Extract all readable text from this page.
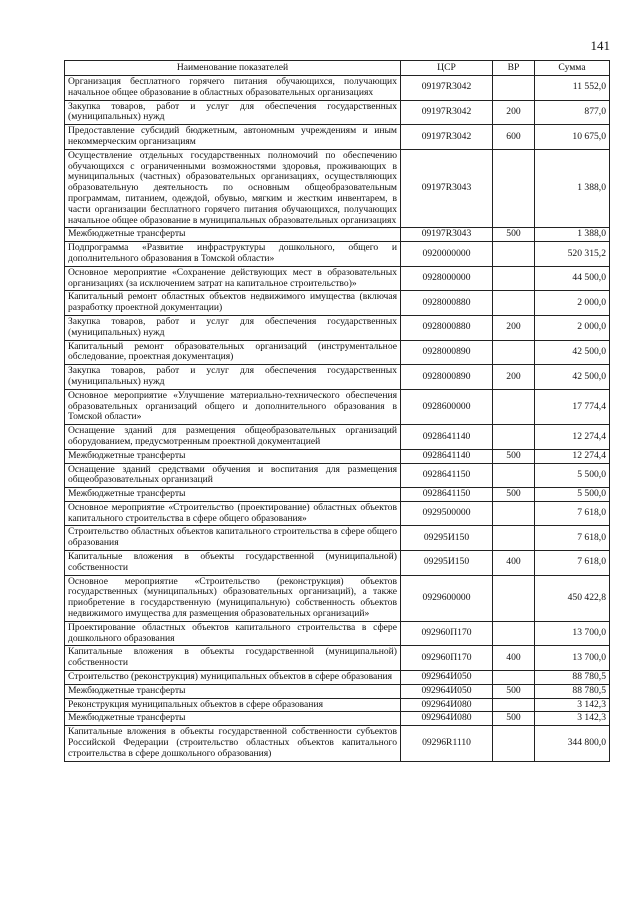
141
Наименование показателей	ЦСР	ВР	Сумма
Организация бесплатного горячего питания обучающихся, получающих начальное общее образование в областных образовательных организациях	09197R3042		11 552,0
Закупка товаров, работ и услуг для обеспечения государственных (муниципальных) нужд	09197R3042	200	877,0
Предоставление субсидий бюджетным, автономным учреждениям и иным некоммерческим организациям	09197R3042	600	10 675,0
Осуществление отдельных государственных полномочий по обеспечению обучающихся с ограниченными возможностями здоровья, проживающих в муниципальных (частных) образовательных организациях, осуществляющих образовательную деятельность по основным общеобразовательным программам, питанием, одеждой, обувью, мягким и жестким инвентарем, в части организации бесплатного горячего питания обучающихся, получающих начальное общее образование в муниципальных образовательных организациях	09197R3043		1 388,0
Межбюджетные трансферты	09197R3043	500	1 388,0
Подпрограмма «Развитие инфраструктуры дошкольного, общего и дополнительного образования в Томской области»	0920000000		520 315,2
Основное мероприятие «Сохранение действующих мест в образовательных организациях (за исключением затрат на капитальное строительство)»	0928000000		44 500,0
Капитальный ремонт областных объектов недвижимого имущества (включая разработку проектной документации)	0928000880		2 000,0
Закупка товаров, работ и услуг для обеспечения государственных (муниципальных) нужд	0928000880	200	2 000,0
Капитальный ремонт образовательных организаций (инструментальное обследование, проектная документация)	0928000890		42 500,0
Закупка товаров, работ и услуг для обеспечения государственных (муниципальных) нужд	0928000890	200	42 500,0
Основное мероприятие «Улучшение материально-технического обеспечения образовательных организаций общего и дополнительного образования в Томской области»	0928600000		17 774,4
Оснащение зданий для размещения общеобразовательных организаций оборудованием, предусмотренным проектной документацией	0928641140		12 274,4
Межбюджетные трансферты	0928641140	500	12 274,4
Оснащение зданий средствами обучения и воспитания для размещения общеобразовательных организаций	0928641150		5 500,0
Межбюджетные трансферты	0928641150	500	5 500,0
Основное мероприятие «Строительство (проектирование) областных объектов капитального строительства в сфере общего образования»	0929500000		7 618,0
Строительство областных объектов капитального строительства в сфере общего образования	09295И150		7 618,0
Капитальные вложения в объекты государственной (муниципальной) собственности	09295И150	400	7 618,0
Основное мероприятие «Строительство (реконструкция) объектов государственных (муниципальных) образовательных организаций), а также приобретение в государственную (муниципальную) собственность объектов недвижимого имущества для размещения образовательных организаций»	0929600000		450 422,8
Проектирование областных объектов капитального строительства в сфере дошкольного образования	092960П170		13 700,0
Капитальные вложения в объекты государственной (муниципальной) собственности	092960П170	400	13 700,0
Строительство (реконструкция) муниципальных объектов в сфере образования	092964И050		88 780,5
Межбюджетные трансферты	092964И050	500	88 780,5
Реконструкция муниципальных объектов в сфере образования	092964И080		3 142,3
Межбюджетные трансферты	092964И080	500	3 142,3
Капитальные вложения в объекты государственной собственности субъектов Российской Федерации (строительство областных объектов капитального строительства в сфере дошкольного образования)	09296R1110		344 800,0
